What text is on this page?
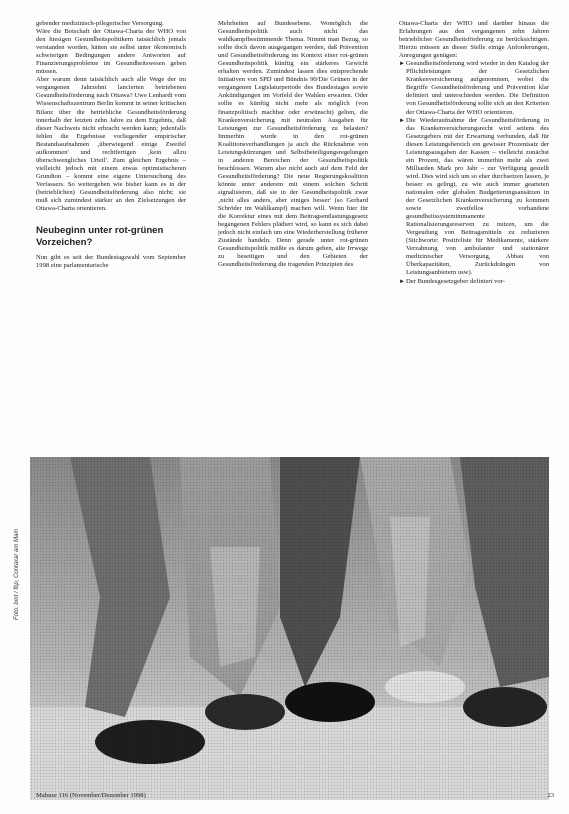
gebender medizinisch-pflegerischer Versorgung.

Wäre die Botschaft der Ottawa-Charta der WHO von den hiesigen Gesundheitspolitikern tatsächlich jemals verstanden worden, hätten sie selbst unter ökonomisch schwierigen Bedingungen andere Antworten auf Finanzierungsprobleme im Gesundheitswesen geben müssen.

Aber warum denn tatsächlich auch alle Wege der im vergangenen Jahrzehnt lancierten betriebenen Gesundheitsförderung nach Ottawa? Uwe Lenhardt vom Wissenschaftszentrum Berlin kommt in seiner kritischen Bilanz über die betriebliche Gesundheitsförderung innerhalb der letzten zehn Jahre zu dem Ergebnis, daß dieser Nachweis nicht erbracht werden kann; jedenfalls fehlen die Ergebnisse vorliegender empirischer Bestandsaufnahmen ‚überwiegend einige Zweifel aufkommen' und rechtfertigen ‚kein allzu überschwengliches Urteil'. Zum gleichen Ergebnis – vielleicht jedoch mit einem etwas optimistischeren Grundton – kommt eine eigene Untersuchung des Verfassers. So weitergehen wie bisher kann es in der (betrieblichen) Gesundheitsförderung also nicht; sie muß sich zumindest stärker an den Zielsetzungen der Ottawa-Charta orientieren.

Neubeginn unter rot-grünen Vorzeichen?

Nun gibt es seit der Bundestagswahl vom September 1998 eine parlamentarische

Mehrheiten auf Bundesebene. Womöglich die Gesundheitspolitik auch nicht das wahlkampfbestimmende Thema. Nimmt man Bezug, so sollte doch davon ausgegangen werden, daß Prävention und Gesundheitsförderung im Kontext einer rot-grünen Gesundheitspolitik künftig ein stärkeres Gewicht erhalten werden. Zumindest lassen dies entsprechende Initiativen von SPD und Bündnis 90/Die Grünen in der vergangenen Legislaturperiode des Bundestages sowie Ankündigungen im Vorfeld der Wahlen erwarten. Oder sollte es künftig nicht mehr als möglich (von finanzpolitisch machbar oder erwünscht) gelten, die Krankenversicherung mit neutralen Ausgaben für Leistungen zur Gesundheitsförderung zu belasten? Immerhin wurde in den rot-grünen Koalitionsverhandlungen ja auch die Rücknahme von Leistungskürzungen und Selbstbeteiligungsregelungen in anderen Bereichen der Gesundheitspolitik beschlossen. Warum also nicht auch auf dem Feld der Gesundheitsförderung? Die neue Regierungskoalition könnte unter anderem mit einem solchen Schritt signalisieren, daß sie in der Gesundheitspolitik zwar ‚nicht alles anders, aber einiges besser' (so Gerhard Schröder im Wahlkampf) machen will. Wenn hier für die Korrektur eines mit dem Beitragsentlastungsgesetz begangenen Fehlers plädiert wird, so kann es sich dabei jedoch nicht einfach um eine Wiederherstellung früherer Zustände handeln. Denn gerade unter rot-grünen Gesundheitspolitik müßte es darum gehen, alte Irrwege zu beseitigen und den Gebieten der Gesundheitsförderung die tragenden Prinzipien des

Ottawa-Charta der WHO und darüber hinaus die Erfahrungen aus den vergangenen zehn Jahren betrieblicher Gesundheitsförderung zu berücksichtigen. Hierzu müssen an dieser Stelle einige Anforderungen, Anregungen genügen:

► Gesundheitsförderung wird wieder in den Katalog der Pflichtleistungen der Gesetzlichen Krankenversicherung aufgenommen, wobei die Begriffe Gesundheitsförderung und Prävention klar definiert und unterschieden werden. Die Definition von Gesundheitsförderung sollte sich an den Kriterien der Ottawa-Charta der WHO orientieren.

► Die Wiederaufnahme der Gesundheitsförderung in das Krankenversicherungsrecht wird seitens des Gesetzgebers mit der Erwartung verbunden, daß für diesen Leistungsbereich ein gewisser Prozentsatz der Leistungsausgaben der Kassen – vielleicht zunächst ein Prozent, das wären immerhin mehr als zwei Milliarden Mark pro Jahr – zur Verfügung gestellt wird. Dies wird sich um so eher durchsetzen lassen, je besser es gelingt, zu wie auch immer gearteten nationalen oder globalen Budgetierungsansätzen in der Gesetzlichen Krankenversicherung zu kommen sowie zweifellos vorhandene gesundheitssystemimmanente Rationalisierungsreserven zu nutzen, um die Vergeudung von Beitragsmitteln zu reduzieren (Stichworte: Positivliste für Medikamente, stärkere Verzahnung von ambulanter und stationärer medizinischer Versorgung, Abbau von Überkapazitäten, Zurückdrängen von Leistungsanbietern usw).

► Der Bundesgesetzgeber definiert vor-

Foto: bmt / fbp, Contaxar am Main
Mabuse 116 (November/Dezember 1998)	23
